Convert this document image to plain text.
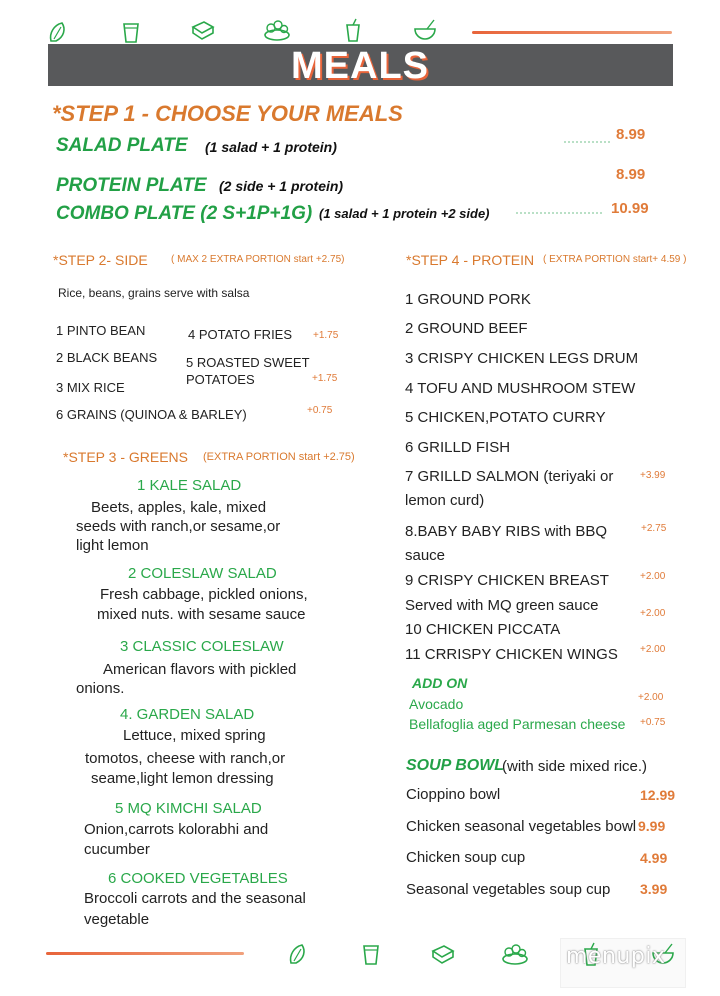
MEALS
*STEP 1 - CHOOSE YOUR MEALS
SALAD PLATE (1 salad + 1 protein)
8.99
PROTEIN PLATE (2 side + 1 protein)
8.99
COMBO PLATE (2 S+1P+1G) (1 salad + 1 protein +2 side)	10.99
*STEP 2- SIDE ( MAX 2 EXTRA PORTION start +2.75)
Rice, beans, grains serve with salsa
1 PINTO BEAN
2 BLACK BEANS
3 MIX RICE
4 POTATO FRIES +1.75
5 ROASTED SWEET
POTATOES	+1.75
6 GRAINS (QUINOA & BARLEY)	+0.75
*STEP 3 - GREENS (EXTRA PORTION start +2.75)
1 KALE SALAD
Beets, apples, kale, mixed
seeds with ranch,or sesame,or
light lemon
2 COLESLAW SALAD
Fresh cabbage, pickled onions,
mixed nuts. with sesame sauce
3 CLASSIC COLESLAW
American flavors with pickled
onions.
4. GARDEN SALAD
Lettuce, mixed spring
tomotos, cheese with ranch,or
seame,light lemon dressing
5 MQ KIMCHI SALAD
Onion,carrots kolorabhi and
cucumber
6 COOKED VEGETABLES
Broccoli carrots and the seasonal
vegetable
*STEP 4 - PROTEIN ( EXTRA PORTION start+ 4.59 )
1 GROUND PORK
2 GROUND BEEF
3 CRISPY CHICKEN LEGS DRUM
4 TOFU AND MUSHROOM STEW
5 CHICKEN,POTATO CURRY
6 GRILLD FISH
7 GRILLD SALMON (teriyaki or
lemon curd)
+3.99
8.BABY BABY RIBS with BBQ
sauce
+2.75
9 CRISPY CHICKEN BREAST	+2.00
Served with MQ green sauce	+2.00
10 CHICKEN PICCATA
11 CRRISPY CHICKEN WINGS +2.00
ADD ON
Avocado	+2.00
Bellafoglia aged Parmesan cheese +0.75
SOUP BOWL
(with side mixed rice.)
Cioppino bowl	12.99
Chicken seasonal vegetables bowl 9.99
Chicken soup cup	4.99
Seasonal vegetables soup cup 3.99
menupix
